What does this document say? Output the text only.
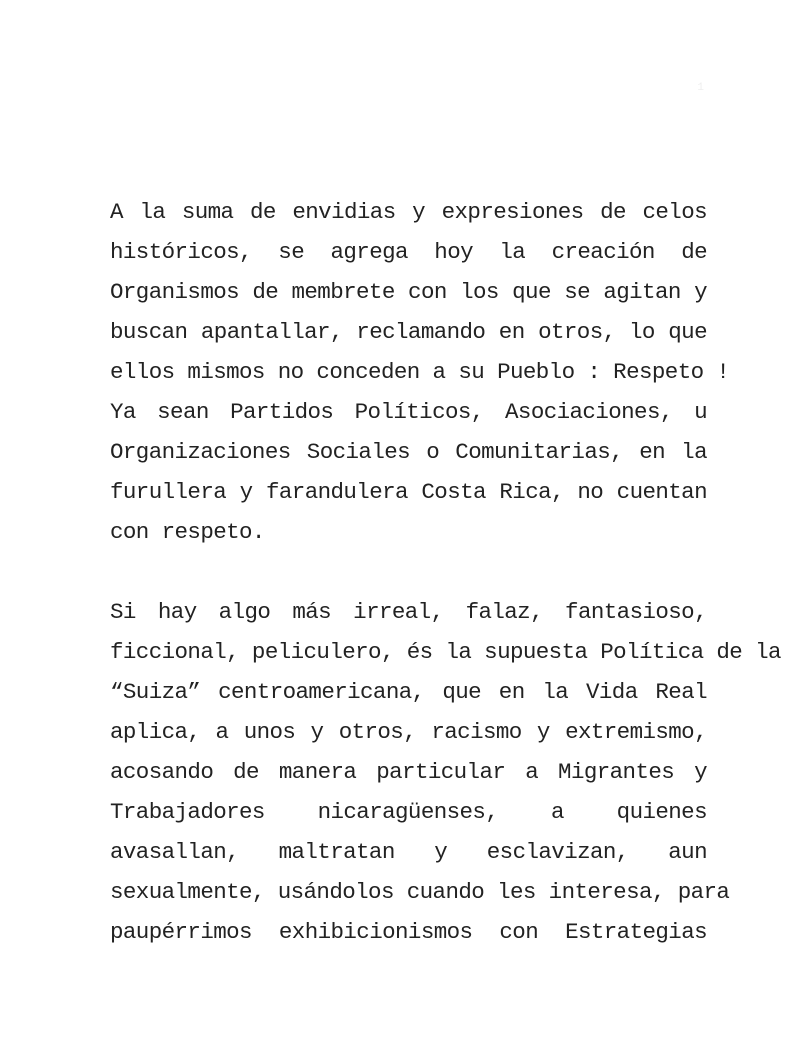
1

A la suma de envidias y expresiones de celos
históricos, se agrega hoy la creación de
Organismos de membrete con los que se agitan y
buscan apantallar, reclamando en otros, lo que
ellos mismos no conceden a su Pueblo : Respeto !
Ya sean Partidos Políticos, Asociaciones, u
Organizaciones Sociales o Comunitarias, en la
furullera y farandulera Costa Rica, no cuentan
con respeto.

Si hay algo más irreal, falaz, fantasioso,
ficcional, peliculero, és la supuesta Política de la
“Suiza” centroamericana, que en la Vida Real
aplica, a unos y otros, racismo y extremismo,
acosando de manera particular a Migrantes y
Trabajadores nicaragüenses, a quienes
avasallan, maltratan y esclavizan, aun
sexualmente, usándolos cuando les interesa, para
paupérrimos exhibicionismos con Estrategias
